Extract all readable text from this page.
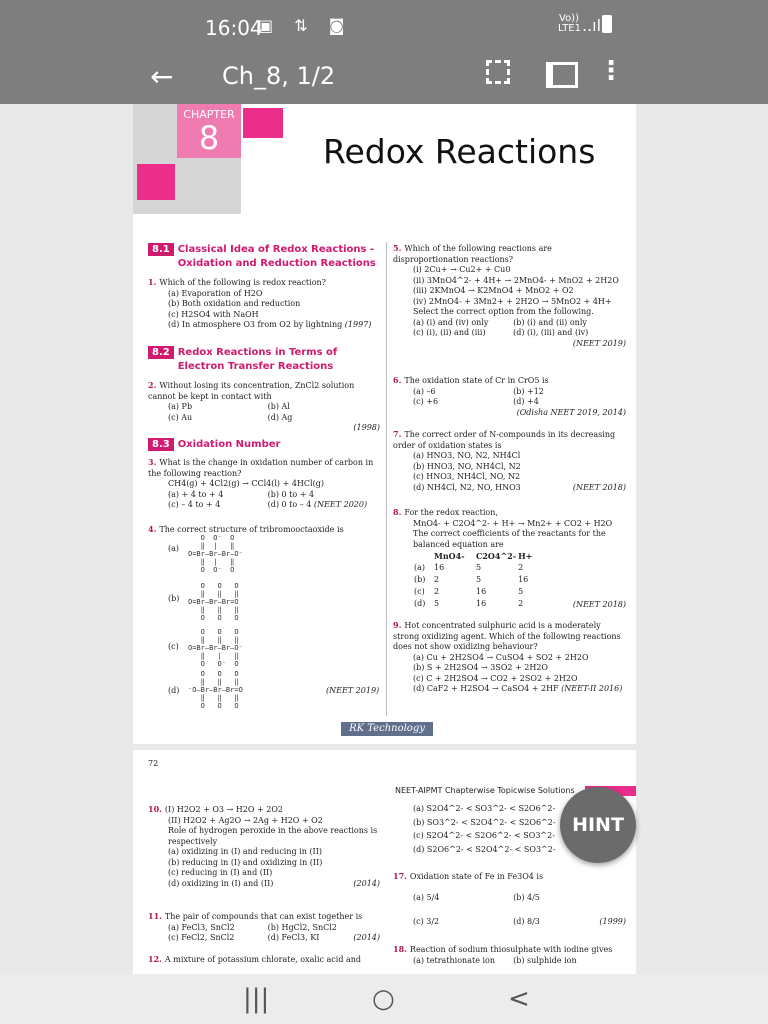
16:04
▣ ⇅ ◙	Vo)) LTE1 ..ıl
← Ch_8, 1/2	⋮
CHAPTER
8	Redox Reactions
8.1 Classical Idea of Redox Reactions - Oxidation and Reduction Reactions
1. Which of the following is redox reaction?
(a) Evaporation of H2O
(b) Both oxidation and reduction
(c) H2SO4 with NaOH
(d) In atmosphere O3 from O2 by lightning (1997)
8.2 Redox Reactions in Terms of Electron Transfer Reactions
2. Without losing its concentration, ZnCl2 solution cannot be kept in contact with
(a) Pb	(b) Al
(c) Au	(d) Ag
(1998)
8.3 Oxidation Number
3. What is the change in oxidation number of carbon in the following reaction?
CH4(g) + 4Cl2(g) → CCl4(l) + 4HCl(g)
(a) + 4 to + 4	(b) 0 to + 4
(c) – 4 to + 4	(d) 0 to – 4 (NEET 2020)
4. The correct structure of tribromooctaoxide is
(a)
O  O⁻  O
‖  |   ‖
O=Br—Br—Br—O⁻
‖  |   ‖
O  O⁻  O
(b)
O   O   O
‖   ‖   ‖
O=Br—Br—Br=O
‖   ‖   ‖
O   O   O
(c)
O   O   O
‖   ‖   ‖
O=Br—Br—Br—O⁻
‖   |   ‖
O   O⁻  O
(d)
O   O   O
‖   ‖   ‖
⁻O—Br—Br—Br=O
‖   ‖   ‖
O   O   O
(NEET 2019)
5. Which of the following reactions are disproportionation reactions?
(i) 2Cu+ → Cu2+ + Cu0
(ii) 3MnO4^2- + 4H+ → 2MnO4- + MnO2 + 2H2O
(iii) 2KMnO4 → K2MnO4 + MnO2 + O2
(iv) 2MnO4- + 3Mn2+ + 2H2O → 5MnO2 + 4H+
Select the correct option from the following.
(a) (i) and (iv) only	(b) (i) and (ii) only
(c) (i), (ii) and (iii)	(d) (i), (iii) and (iv)
(NEET 2019)
6. The oxidation state of Cr in CrO5 is
(a) –6	(b) +12
(c) +6	(d) +4
(Odisha NEET 2019, 2014)
7. The correct order of N-compounds in its decreasing order of oxidation states is
(a) HNO3, NO, N2, NH4Cl
(b) HNO3, NO, NH4Cl, N2
(c) HNO3, NH4Cl, NO, N2
(d) NH4Cl, N2, NO, HNO3	(NEET 2018)
8. For the redox reaction,
MnO4- + C2O4^2- + H+ → Mn2+ + CO2 + H2O
The correct coefficients of the reactants for the balanced equation are
	MnO4-	C2O4^2-	H+
(a)	16	5	2
(b)	2	5	16
(c)	2	16	5
(d)	5	16	2	(NEET 2018)
9. Hot concentrated sulphuric acid is a moderately strong oxidizing agent. Which of the following reactions does not show oxidizing behaviour?
(a) Cu + 2H2SO4 → CuSO4 + SO2 + 2H2O
(b) S + 2H2SO4 → 3SO2 + 2H2O
(c) C + 2H2SO4 → CO2 + 2SO2 + 2H2O
(d) CaF2 + H2SO4 → CaSO4 + 2HF (NEET-II 2016)
RK Technology
72
NEET-AIPMT Chapterwise Topicwise Solutions
10. (I) H2O2 + O3 → H2O + 2O2
(II) H2O2 + Ag2O → 2Ag + H2O + O2
Role of hydrogen peroxide in the above reactions is respectively
(a) oxidizing in (I) and reducing in (II)
(b) reducing in (I) and oxidizing in (II)
(c) reducing in (I) and (II)
(d) oxidizing in (I) and (II)	(2014)
11. The pair of compounds that can exist together is
(a) FeCl3, SnCl2	(b) HgCl2, SnCl2
(c) FeCl2, SnCl2	(d) FeCl3, KI	(2014)
12. A mixture of potassium chlorate, oxalic acid and
(a) S2O4^2- < SO3^2- < S2O6^2-
(b) SO3^2- < S2O4^2- < S2O6^2-
(c) S2O4^2- < S2O6^2- < SO3^2-
(d) S2O6^2- < S2O4^2- < SO3^2-
17. Oxidation state of Fe in Fe3O4 is
(a) 5/4	(b) 4/5
(c) 3/2	(d) 8/3	(1999)
18. Reaction of sodium thiosulphate with iodine gives
(a) tetrathionate ion (b) sulphide ion
HINT
|||	○	<
